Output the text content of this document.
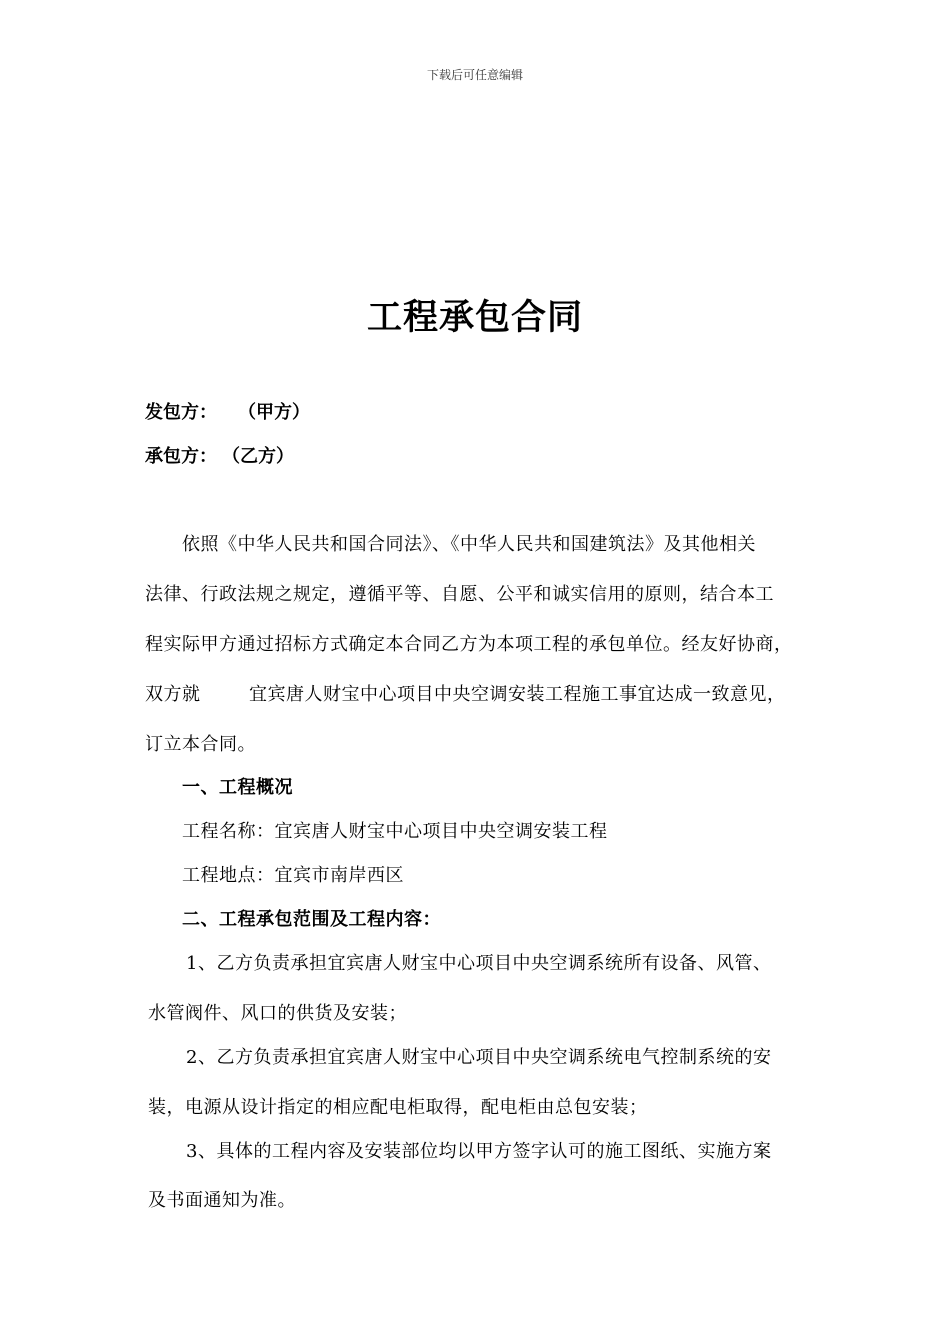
下载后可任意编辑
工程承包合同
发包方： （甲方）
承包方： （乙方）
依照《中华人民共和国合同法》、《中华人民共和国建筑法》及其他相关
法律、行政法规之规定，遵循平等、自愿、公平和诚实信用的原则，结合本工
程实际甲方通过招标方式确定本合同乙方为本项工程的承包单位。经友好协商，
双方就	宜宾唐人财宝中心项目中央空调安装工程施工事宜达成一致意见，
订立本合同。
一、工程概况
工程名称：宜宾唐人财宝中心项目中央空调安装工程
工程地点：宜宾市南岸西区
二、工程承包范围及工程内容：
1、乙方负责承担宜宾唐人财宝中心项目中央空调系统所有设备、风管、
水管阀件、风口的供货及安装；
2、乙方负责承担宜宾唐人财宝中心项目中央空调系统电气控制系统的安
装，电源从设计指定的相应配电柜取得，配电柜由总包安装；
3、具体的工程内容及安装部位均以甲方签字认可的施工图纸、实施方案
及书面通知为准。
